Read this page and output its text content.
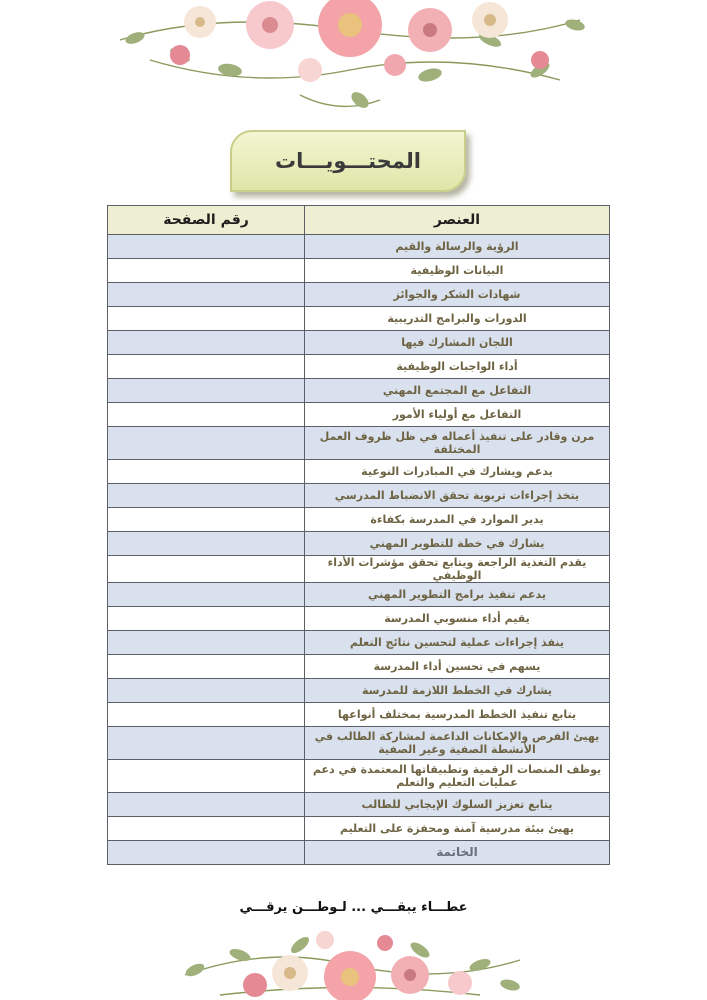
المحتـــويـــات
العنصر	رقم الصفحة
الرؤية والرسالة والقيم	
البيانات الوظيفية	
شهادات الشكر والجوائز	
الدورات والبرامج التدريبية	
اللجان المشارك فيها	
أداء الواجبات الوظيفية	
التفاعل مع المجتمع المهني	
التفاعل مع أولياء الأمور	
مرن وقادر على تنفيذ أعماله في ظل ظروف العمل المختلفة	
يدعم ويشارك في المبادرات النوعية	
يتخذ إجراءات تربوية تحقق الانضباط المدرسي	
يدير الموارد في المدرسة بكفاءة	
يشارك في خطة للتطوير المهني	
يقدم التغذية الراجعة ويتابع تحقق مؤشرات الأداء الوظيفي	
يدعم تنفيذ برامج التطوير المهني	
يقيم أداء منسوبي المدرسة	
ينفذ إجراءات عملية لتحسين نتائج التعلم	
يسهم في تحسين أداء المدرسة	
يشارك في الخطط اللازمة للمدرسة	
يتابع تنفيذ الخطط المدرسية بمختلف أنواعها	
يهيئ الفرص والإمكانات الداعمة لمشاركة الطالب في الأنشطة الصفية وغير الصفية	
يوظف المنصات الرقمية وتطبيقاتها المعتمدة في دعم عمليات التعليم والتعلم	
يتابع تعزيز السلوك الإيجابي للطالب	
يهيئ بيئة مدرسية آمنة ومحفزة على التعليم	
الخاتمة	
عطـــاء يبقـــي ... لـوطـــن يرقـــي
